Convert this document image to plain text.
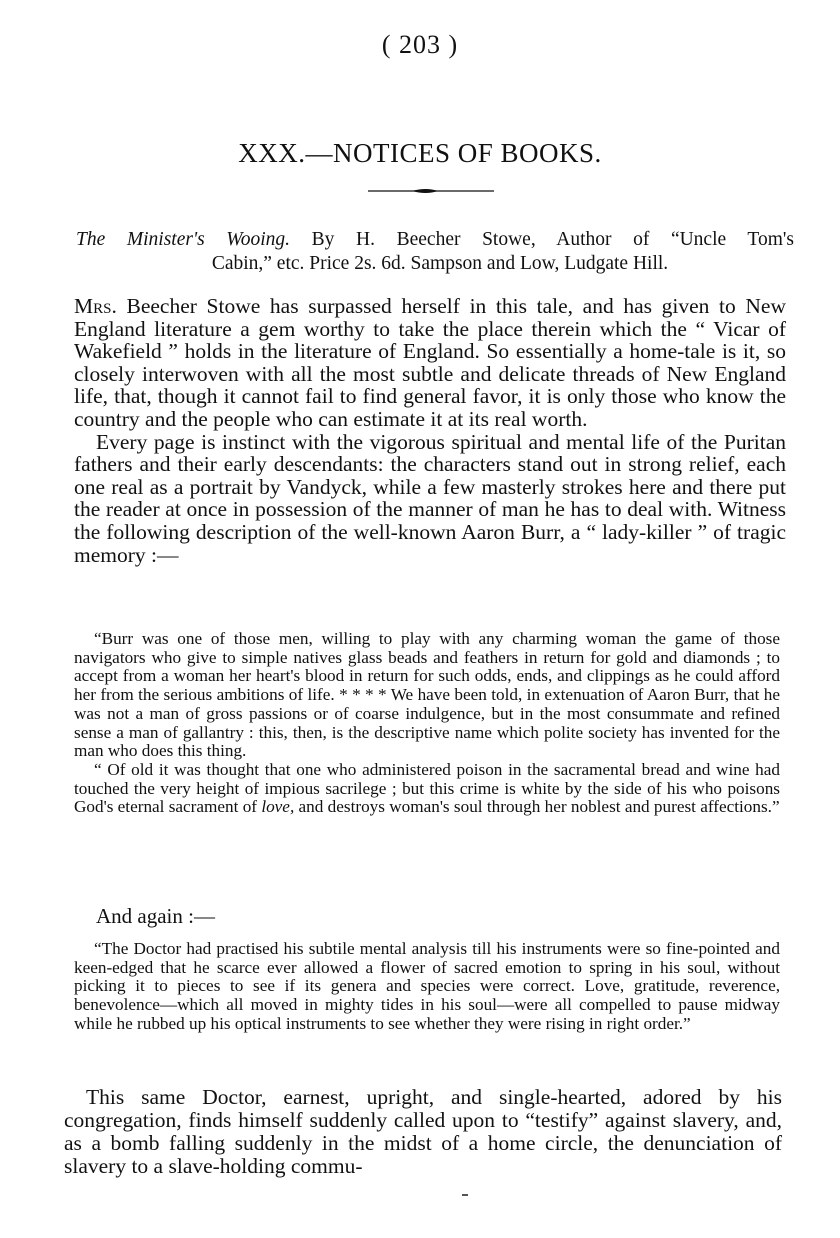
( 203 )
XXX.—NOTICES OF BOOKS.
The Minister's Wooing. By H. Beecher Stowe, Author of “Uncle Tom's
Cabin,” etc. Price 2s. 6d. Sampson and Low, Ludgate Hill.

Mrs. Beecher Stowe has surpassed herself in this tale, and has given to New England literature a gem worthy to take the place therein which the “ Vicar of Wakefield ” holds in the literature of England. So essentially a home-tale is it, so closely interwoven with all the most subtle and delicate threads of New England life, that, though it cannot fail to find general favor, it is only those who know the country and the people who can estimate it at its real worth.

Every page is instinct with the vigorous spiritual and mental life of the Puritan fathers and their early descendants: the characters stand out in strong relief, each one real as a portrait by Vandyck, while a few masterly strokes here and there put the reader at once in possession of the manner of man he has to deal with. Witness the following description of the well-known Aaron Burr, a “ lady-killer ” of tragic memory :—

“Burr was one of those men, willing to play with any charming woman the game of those navigators who give to simple natives glass beads and feathers in return for gold and diamonds ; to accept from a woman her heart's blood in return for such odds, ends, and clippings as he could afford her from the serious ambitions of life. * * * * We have been told, in extenuation of Aaron Burr, that he was not a man of gross passions or of coarse indulgence, but in the most consummate and refined sense a man of gallantry : this, then, is the descriptive name which polite society has invented for the man who does this thing.

“ Of old it was thought that one who administered poison in the sacramental bread and wine had touched the very height of impious sacrilege ; but this crime is white by the side of his who poisons God's eternal sacrament of love, and destroys woman's soul through her noblest and purest affections.”

And again :—

“The Doctor had practised his subtile mental analysis till his instruments were so fine-pointed and keen-edged that he scarce ever allowed a flower of sacred emotion to spring in his soul, without picking it to pieces to see if its genera and species were correct. Love, gratitude, reverence, benevolence—which all moved in mighty tides in his soul—were all compelled to pause midway while he rubbed up his optical instruments to see whether they were rising in right order.”

This same Doctor, earnest, upright, and single-hearted, adored by his congregation, finds himself suddenly called upon to “testify” against slavery, and, as a bomb falling suddenly in the midst of a home circle, the denunciation of slavery to a slave-holding commu-
